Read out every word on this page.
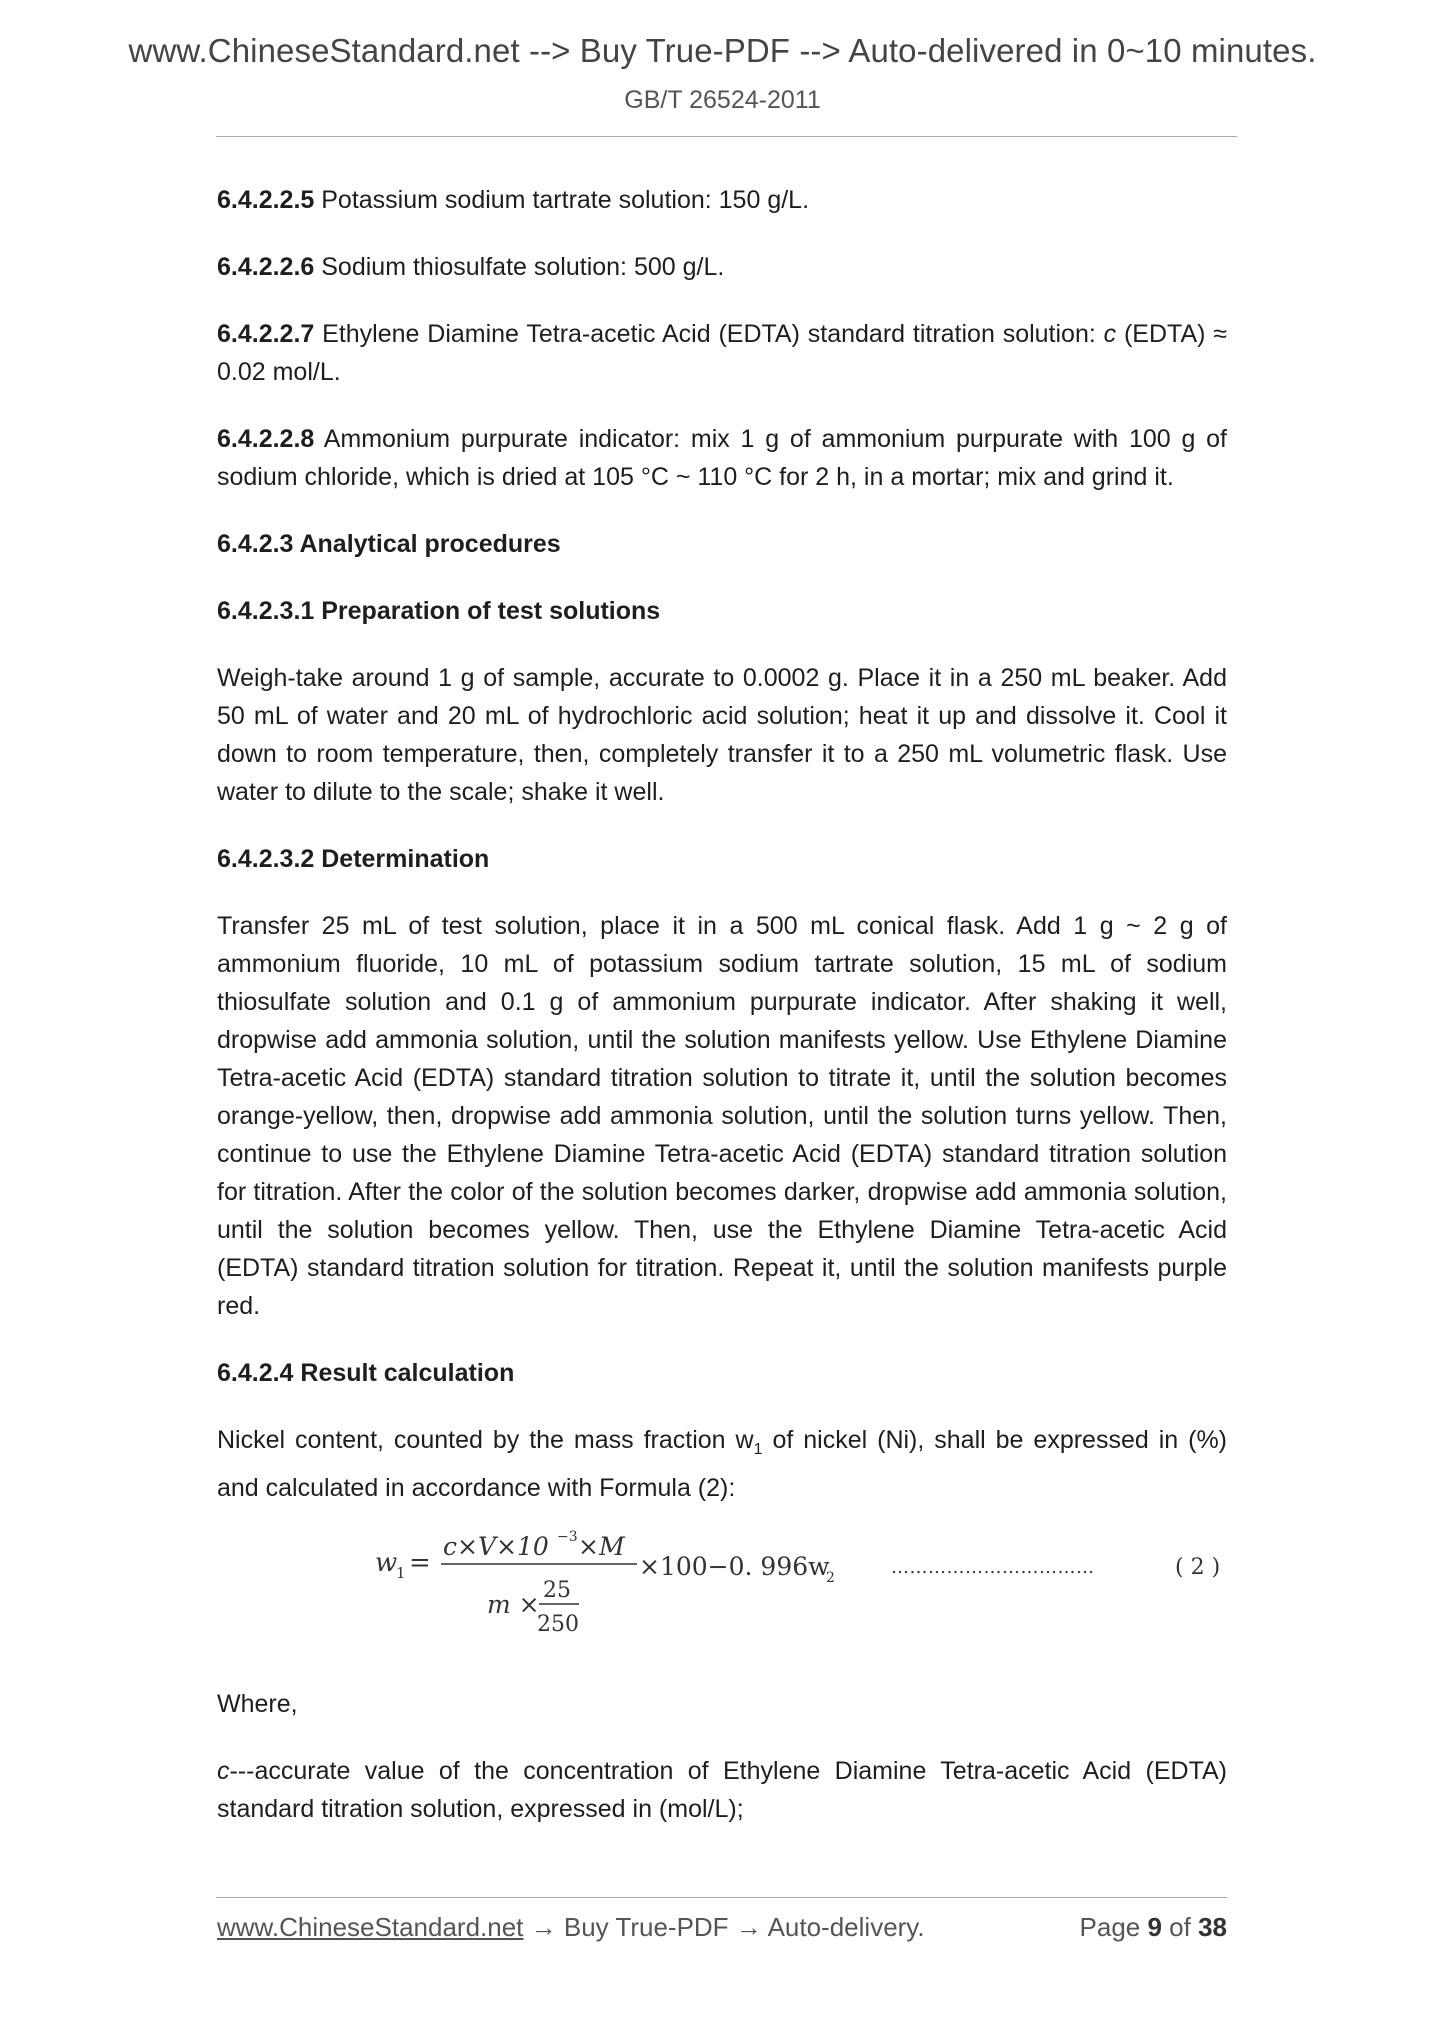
www.ChineseStandard.net --> Buy True-PDF --> Auto-delivered in 0~10 minutes.
GB/T 26524-2011

6.4.2.2.5 Potassium sodium tartrate solution: 150 g/L.

6.4.2.2.6 Sodium thiosulfate solution: 500 g/L.

6.4.2.2.7 Ethylene Diamine Tetra-acetic Acid (EDTA) standard titration solution: c (EDTA) ≈ 0.02 mol/L.

6.4.2.2.8 Ammonium purpurate indicator: mix 1 g of ammonium purpurate with 100 g of sodium chloride, which is dried at 105 °C ~ 110 °C for 2 h, in a mortar; mix and grind it.

6.4.2.3 Analytical procedures

6.4.2.3.1 Preparation of test solutions

Weigh-take around 1 g of sample, accurate to 0.0002 g. Place it in a 250 mL beaker. Add 50 mL of water and 20 mL of hydrochloric acid solution; heat it up and dissolve it. Cool it down to room temperature, then, completely transfer it to a 250 mL volumetric flask. Use water to dilute to the scale; shake it well.

6.4.2.3.2 Determination

Transfer 25 mL of test solution, place it in a 500 mL conical flask. Add 1 g ~ 2 g of ammonium fluoride, 10 mL of potassium sodium tartrate solution, 15 mL of sodium thiosulfate solution and 0.1 g of ammonium purpurate indicator. After shaking it well, dropwise add ammonia solution, until the solution manifests yellow. Use Ethylene Diamine Tetra-acetic Acid (EDTA) standard titration solution to titrate it, until the solution becomes orange-yellow, then, dropwise add ammonia solution, until the solution turns yellow. Then, continue to use the Ethylene Diamine Tetra-acetic Acid (EDTA) standard titration solution for titration. After the color of the solution becomes darker, dropwise add ammonia solution, until the solution becomes yellow. Then, use the Ethylene Diamine Tetra-acetic Acid (EDTA) standard titration solution for titration. Repeat it, until the solution manifests purple red.

6.4.2.4 Result calculation

Nickel content, counted by the mass fraction $w_1$ of nickel (Ni), shall be expressed in (%) and calculated in accordance with Formula (2):

w
1 =
c×V×10 −3 ×M
m × 25
250
×100−0. 996w
2	……………………………	( 2 )

Where,

c---accurate value of the concentration of Ethylene Diamine Tetra-acetic Acid (EDTA) standard titration solution, expressed in (mol/L);

www.ChineseStandard.net → Buy True-PDF → Auto-delivery.	Page 9 of 38
